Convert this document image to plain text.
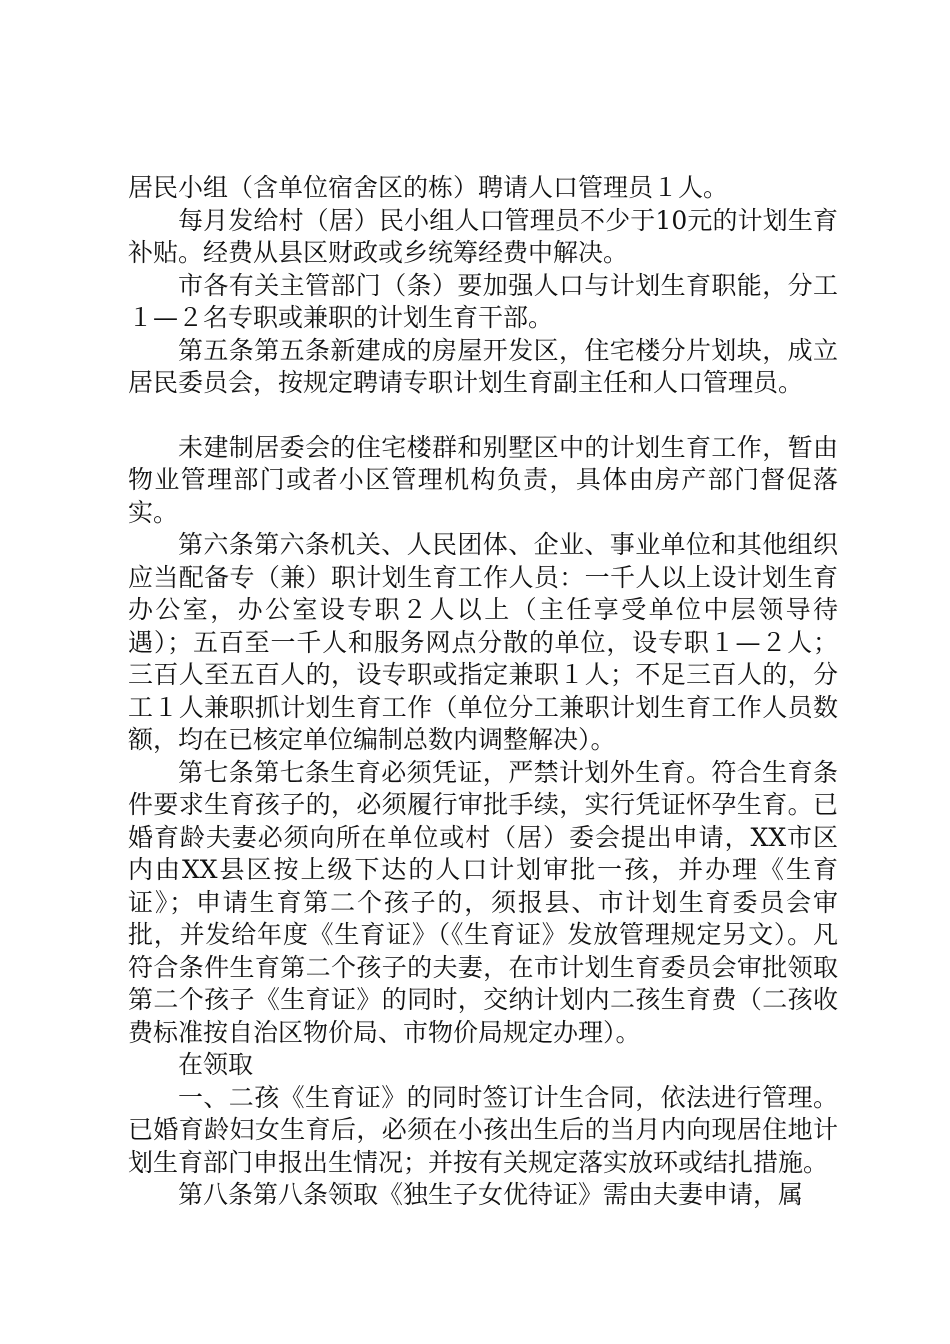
居民小组（含单位宿舍区的栋）聘请人口管理员１人。

每月发给村（居）民小组人口管理员不少于10元的计划生育补贴。经费从县区财政或乡统筹经费中解决。

市各有关主管部门（条）要加强人口与计划生育职能，分工１—２名专职或兼职的计划生育干部。

第五条第五条新建成的房屋开发区，住宅楼分片划块，成立居民委员会，按规定聘请专职计划生育副主任和人口管理员。

未建制居委会的住宅楼群和别墅区中的计划生育工作，暂由物业管理部门或者小区管理机构负责，具体由房产部门督促落实。

第六条第六条机关、人民团体、企业、事业单位和其他组织应当配备专（兼）职计划生育工作人员：一千人以上设计划生育办公室，办公室设专职２人以上（主任享受单位中层领导待遇）；五百至一千人和服务网点分散的单位，设专职１—２人；三百人至五百人的，设专职或指定兼职１人；不足三百人的，分工１人兼职抓计划生育工作（单位分工兼职计划生育工作人员数额，均在已核定单位编制总数内调整解决）。

第七条第七条生育必须凭证，严禁计划外生育。符合生育条件要求生育孩子的，必须履行审批手续，实行凭证怀孕生育。已婚育龄夫妻必须向所在单位或村（居）委会提出申请，XX市区内由XX县区按上级下达的人口计划审批一孩，并办理《生育证》；申请生育第二个孩子的，须报县、市计划生育委员会审批，并发给年度《生育证》（《生育证》发放管理规定另文）。凡符合条件生育第二个孩子的夫妻，在市计划生育委员会审批领取第二个孩子《生育证》的同时，交纳计划内二孩生育费（二孩收费标准按自治区物价局、市物价局规定办理）。

在领取

一、二孩《生育证》的同时签订计生合同，依法进行管理。已婚育龄妇女生育后，必须在小孩出生后的当月内向现居住地计划生育部门申报出生情况；并按有关规定落实放环或结扎措施。

第八条第八条领取《独生子女优待证》需由夫妻申请，属
